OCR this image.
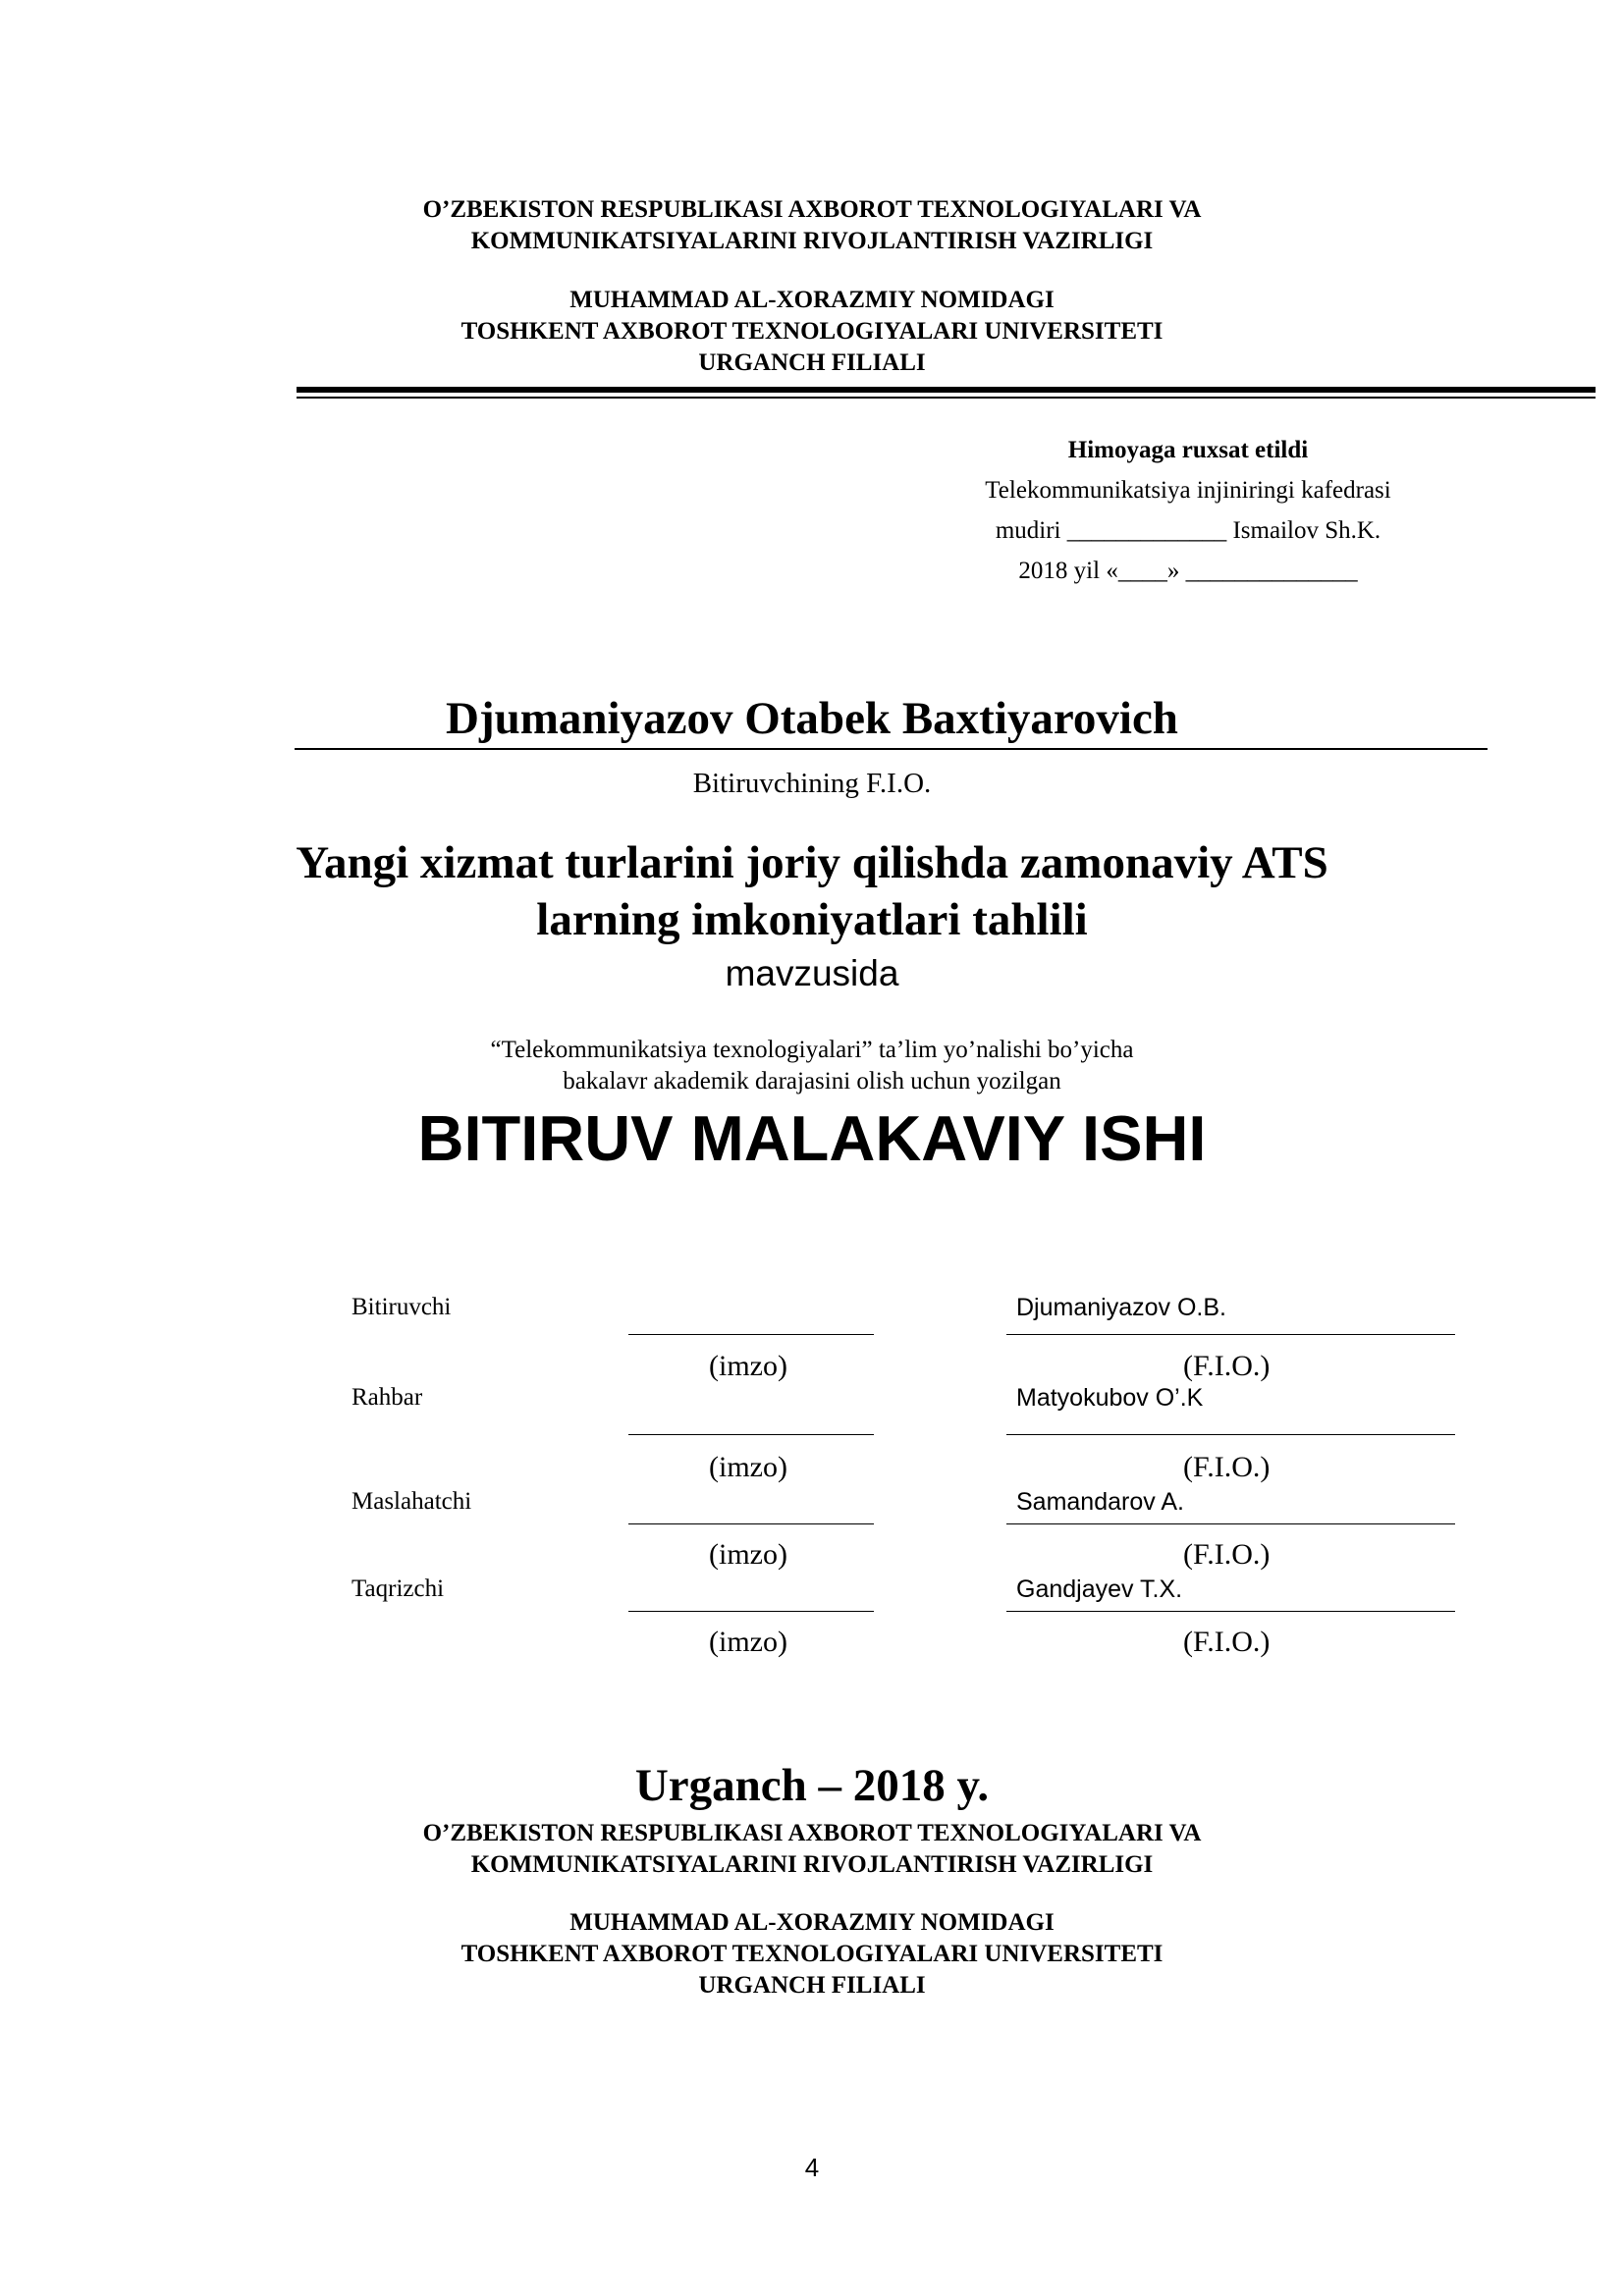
O’ZBEKISTON RESPUBLIKASI AXBOROT TEXNOLOGIYALARI VA
KOMMUNIKATSIYALARINI RIVOJLANTIRISH VAZIRLIGI
MUHAMMAD AL-XORAZMIY NOMIDAGI
TOSHKENT AXBOROT TEXNOLOGIYALARI UNIVERSITETI
URGANCH FILIALI
Himoyaga ruxsat etildi
Telekommunikatsiya injiniringi kafedrasi
mudiri _____________ Ismailov Sh.K.
2018 yil «____» ______________
Djumaniyazov Otabek Baxtiyarovich
Bitiruvchining F.I.O.
Yangi xizmat turlarini joriy qilishda zamonaviy ATS
larning imkoniyatlari tahlili
mavzusida
“Telekommunikatsiya texnologiyalari” ta’lim yo’nalishi bo’yicha
bakalavr akademik darajasini olish uchun yozilgan
BITIRUV MALAKAVIY ISHI
Bitiruvchi	Djumaniyazov O.B.
(imzo)	(F.I.O.)
Rahbar	Matyokubov O’.K
(imzo)	(F.I.O.)
Maslahatchi	Samandarov A.
(imzo)	(F.I.O.)
Taqrizchi	Gandjayev T.X.
(imzo)	(F.I.O.)
Urganch – 2018 y.
O’ZBEKISTON RESPUBLIKASI AXBOROT TEXNOLOGIYALARI VA
KOMMUNIKATSIYALARINI RIVOJLANTIRISH VAZIRLIGI
MUHAMMAD AL-XORAZMIY NOMIDAGI
TOSHKENT AXBOROT TEXNOLOGIYALARI UNIVERSITETI
URGANCH FILIALI
4
